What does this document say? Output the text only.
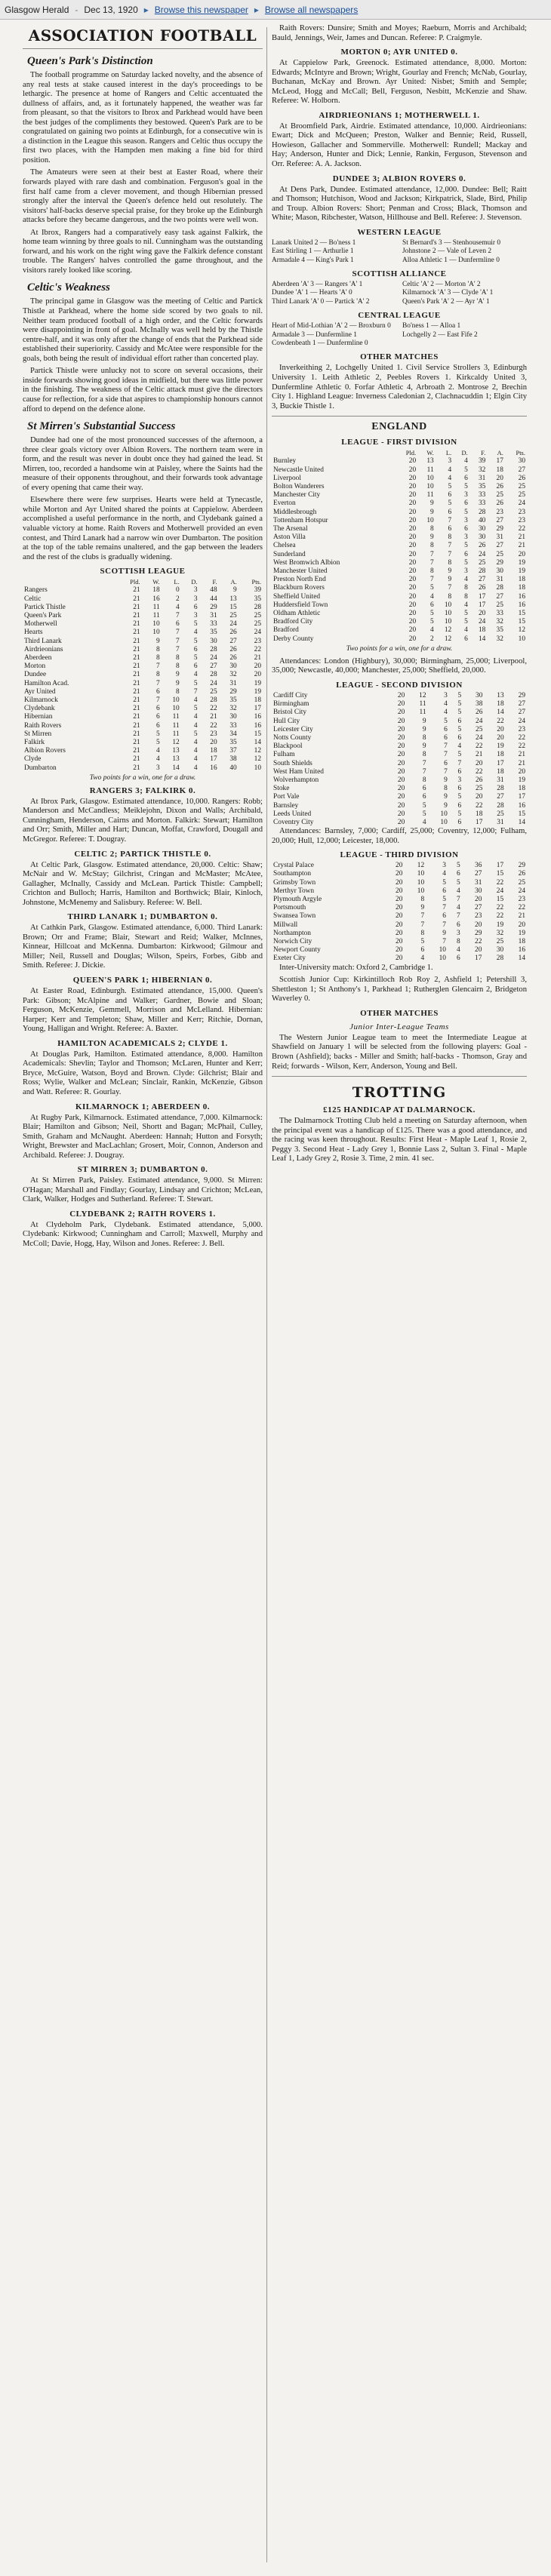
Glasgow Herald - Dec 13, 1920 ▸ Browse this newspaper ▸ Browse all newspapers
ASSOCIATION FOOTBALL
Queen's Park's Distinction

The football programme on Saturday lacked novelty, and the absence of any real tests at stake caused interest in the day's proceedings to be lethargic. The presence at home of Rangers and Celtic accentuated the dullness of affairs, and, as it fortunately happened, the weather was far from pleasant, so that the visitors to Ibrox and Parkhead would have been the best judges of the compliments they bestowed. Queen's Park are to be congratulated on gaining two points at Edinburgh, for a consecutive win is a distinction in the League this season. Rangers and Celtic thus occupy the first two places, with the Hampden men making a fine bid for third position.

The Amateurs were seen at their best at Easter Road, where their forwards played with rare dash and combination. Ferguson's goal in the first half came from a clever movement, and though Hibernian pressed strongly after the interval the Queen's defence held out resolutely. The visitors' half-backs deserve special praise, for they broke up the Edinburgh attacks before they became dangerous, and the two points were well won.

At Ibrox, Rangers had a comparatively easy task against Falkirk, the home team winning by three goals to nil. Cunningham was the outstanding forward, and his work on the right wing gave the Falkirk defence constant trouble. The Rangers' halves controlled the game throughout, and the visitors rarely looked like scoring.

Celtic's Weakness

The principal game in Glasgow was the meeting of Celtic and Partick Thistle at Parkhead, where the home side scored by two goals to nil. Neither team produced football of a high order, and the Celtic forwards were disappointing in front of goal. McInally was well held by the Thistle centre-half, and it was only after the change of ends that the Parkhead side established their superiority. Cassidy and McAtee were responsible for the goals, both being the result of individual effort rather than concerted play.

Partick Thistle were unlucky not to score on several occasions, their inside forwards showing good ideas in midfield, but there was little power in the finishing. The weakness of the Celtic attack must give the directors cause for reflection, for a side that aspires to championship honours cannot afford to depend on the defence alone.

St Mirren's Substantial Success

Dundee had one of the most pronounced successes of the afternoon, a three clear goals victory over Albion Rovers. The northern team were in form, and the result was never in doubt once they had gained the lead. St Mirren, too, recorded a handsome win at Paisley, where the Saints had the measure of their opponents throughout, and their forwards took advantage of every opening that came their way.

Elsewhere there were few surprises. Hearts were held at Tynecastle, while Morton and Ayr United shared the points at Cappielow. Aberdeen accomplished a useful performance in the north, and Clydebank gained a valuable victory at home. Raith Rovers and Motherwell provided an even contest, and Third Lanark had a narrow win over Dumbarton. The position at the top of the table remains unaltered, and the gap between the leaders and the rest of the clubs is gradually widening.

SCOTTISH LEAGUE
	Pld.	W.	L.	D.	F.	A.	Pts.
Rangers	21	18	0	3	48	9	39
Celtic	21	16	2	3	44	13	35
Partick Thistle	21	11	4	6	29	15	28
Queen's Park	21	11	7	3	31	25	25
Motherwell	21	10	6	5	33	24	25
Hearts	21	10	7	4	35	26	24
Third Lanark	21	9	7	5	30	27	23
Airdrieonians	21	8	7	6	28	26	22
Aberdeen	21	8	8	5	24	26	21
Morton	21	7	8	6	27	30	20
Dundee	21	8	9	4	28	32	20
Hamilton Acad.	21	7	9	5	24	31	19
Ayr United	21	6	8	7	25	29	19
Kilmarnock	21	7	10	4	28	35	18
Clydebank	21	6	10	5	22	32	17
Hibernian	21	6	11	4	21	30	16
Raith Rovers	21	6	11	4	22	33	16
St Mirren	21	5	11	5	23	34	15
Falkirk	21	5	12	4	20	35	14
Albion Rovers	21	4	13	4	18	37	12
Clyde	21	4	13	4	17	38	12
Dumbarton	21	3	14	4	16	40	10
Two points for a win, one for a draw.
RANGERS 3; FALKIRK 0.

At Ibrox Park, Glasgow. Estimated attendance, 10,000. Rangers: Robb; Manderson and McCandless; Meiklejohn, Dixon and Walls; Archibald, Cunningham, Henderson, Cairns and Morton. Falkirk: Stewart; Hamilton and Orr; Smith, Miller and Hart; Duncan, Moffat, Crawford, Dougall and McGregor. Referee: T. Dougray.

CELTIC 2; PARTICK THISTLE 0.

At Celtic Park, Glasgow. Estimated attendance, 20,000. Celtic: Shaw; McNair and W. McStay; Gilchrist, Cringan and McMaster; McAtee, Gallagher, McInally, Cassidy and McLean. Partick Thistle: Campbell; Crichton and Bulloch; Harris, Hamilton and Borthwick; Blair, Kinloch, Johnstone, McMenemy and Salisbury. Referee: W. Bell.

THIRD LANARK 1; DUMBARTON 0.

At Cathkin Park, Glasgow. Estimated attendance, 6,000. Third Lanark: Brown; Orr and Frame; Blair, Stewart and Reid; Walker, McInnes, Kinnear, Hillcoat and McKenna. Dumbarton: Kirkwood; Gilmour and Miller; Neil, Russell and Douglas; Wilson, Speirs, Forbes, Gibb and Smith. Referee: J. Dickie.

QUEEN'S PARK 1; HIBERNIAN 0.

At Easter Road, Edinburgh. Estimated attendance, 15,000. Queen's Park: Gibson; McAlpine and Walker; Gardner, Bowie and Sloan; Ferguson, McKenzie, Gemmell, Morrison and McLelland. Hibernian: Harper; Kerr and Templeton; Shaw, Miller and Kerr; Ritchie, Dornan, Young, Halligan and Wright. Referee: A. Baxter.

HAMILTON ACADEMICALS 2; CLYDE 1.

At Douglas Park, Hamilton. Estimated attendance, 8,000. Hamilton Academicals: Shevlin; Taylor and Thomson; McLaren, Hunter and Kerr; Bryce, McGuire, Watson, Boyd and Brown. Clyde: Gilchrist; Blair and Ross; Wylie, Walker and McLean; Sinclair, Rankin, McKenzie, Gibson and Watt. Referee: R. Gourlay.

KILMARNOCK 1; ABERDEEN 0.

At Rugby Park, Kilmarnock. Estimated attendance, 7,000. Kilmarnock: Blair; Hamilton and Gibson; Neil, Shortt and Bagan; McPhail, Culley, Smith, Graham and McNaught. Aberdeen: Hannah; Hutton and Forsyth; Wright, Brewster and MacLachlan; Grosert, Moir, Connon, Anderson and Archibald. Referee: J. Dougray.

ST MIRREN 3; DUMBARTON 0.

At St Mirren Park, Paisley. Estimated attendance, 9,000. St Mirren: O'Hagan; Marshall and Findlay; Gourlay, Lindsay and Crichton; McLean, Clark, Walker, Hodges and Sutherland. Referee: T. Stewart.

CLYDEBANK 2; RAITH ROVERS 1.

At Clydeholm Park, Clydebank. Estimated attendance, 5,000. Clydebank: Kirkwood; Cunningham and Carroll; Maxwell, Murphy and McColl; Davie, Hogg, Hay, Wilson and Jones. Referee: J. Bell.

Raith Rovers: Dunsire; Smith and Moyes; Raeburn, Morris and Archibald; Bauld, Jennings, Weir, James and Duncan. Referee: P. Craigmyle.

MORTON 0; AYR UNITED 0.

At Cappielow Park, Greenock. Estimated attendance, 8,000. Morton: Edwards; McIntyre and Brown; Wright, Gourlay and French; McNab, Gourlay, Buchanan, McKay and Brown. Ayr United: Nisbet; Smith and Semple; McLeod, Hogg and McCall; Bell, Ferguson, Nesbitt, McKenzie and Shaw. Referee: W. Holborn.

AIRDRIEONIANS 1; MOTHERWELL 1.

At Broomfield Park, Airdrie. Estimated attendance, 10,000. Airdrieonians: Ewart; Dick and McQueen; Preston, Walker and Bennie; Reid, Russell, Howieson, Gallacher and Sommerville. Motherwell: Rundell; Mackay and Hay; Anderson, Hunter and Dick; Lennie, Rankin, Ferguson, Stevenson and Orr. Referee: A. A. Jackson.

DUNDEE 3; ALBION ROVERS 0.

At Dens Park, Dundee. Estimated attendance, 12,000. Dundee: Bell; Raitt and Thomson; Hutchison, Wood and Jackson; Kirkpatrick, Slade, Bird, Philip and Troup. Albion Rovers: Short; Penman and Cross; Black, Thomson and White; Mason, Ribchester, Watson, Hillhouse and Bell. Referee: J. Stevenson.

WESTERN LEAGUE
Lanark United 2 — Bo'ness 1	St Bernard's 3 — Stenhousemuir 0
East Stirling 1 — Arthurlie 1	Johnstone 2 — Vale of Leven 2
Armadale 4 — King's Park 1	Alloa Athletic 1 — Dunfermline 0
SCOTTISH ALLIANCE
Aberdeen 'A' 3 — Rangers 'A' 1	Celtic 'A' 2 — Morton 'A' 2
Dundee 'A' 1 — Hearts 'A' 0	Kilmarnock 'A' 3 — Clyde 'A' 1
Third Lanark 'A' 0 — Partick 'A' 2	Queen's Park 'A' 2 — Ayr 'A' 1
CENTRAL LEAGUE
Heart of Mid-Lothian 'A' 2 — Broxburn 0	Bo'ness 1 — Alloa 1
Armadale 3 — Dunfermline 1	Lochgelly 2 — East Fife 2
Cowdenbeath 1 — Dunfermline 0
OTHER MATCHES

Inverkeithing 2, Lochgelly United 1. Civil Service Strollers 3, Edinburgh University 1. Leith Athletic 2, Peebles Rovers 1. Kirkcaldy United 3, Dunfermline Athletic 0. Forfar Athletic 4, Arbroath 2. Montrose 2, Brechin City 1. Highland League: Inverness Caledonian 2, Clachnacuddin 1; Elgin City 3, Buckie Thistle 1.

ENGLAND
LEAGUE - FIRST DIVISION
	Pld.	W.	L.	D.	F.	A.	Pts.
Burnley	20	13	3	4	39	17	30
Newcastle United	20	11	4	5	32	18	27
Liverpool	20	10	4	6	31	20	26
Bolton Wanderers	20	10	5	5	35	26	25
Manchester City	20	11	6	3	33	25	25
Everton	20	9	5	6	33	26	24
Middlesbrough	20	9	6	5	28	23	23
Tottenham Hotspur	20	10	7	3	40	27	23
The Arsenal	20	8	6	6	30	29	22
Aston Villa	20	9	8	3	30	31	21
Chelsea	20	8	7	5	26	27	21
Sunderland	20	7	7	6	24	25	20
West Bromwich Albion	20	7	8	5	25	29	19
Manchester United	20	8	9	3	28	30	19
Preston North End	20	7	9	4	27	31	18
Blackburn Rovers	20	5	7	8	26	28	18
Sheffield United	20	4	8	8	17	27	16
Huddersfield Town	20	6	10	4	17	25	16
Oldham Athletic	20	5	10	5	20	33	15
Bradford City	20	5	10	5	24	32	15
Bradford	20	4	12	4	18	35	12
Derby County	20	2	12	6	14	32	10
Two points for a win, one for a draw.

Attendances: London (Highbury), 30,000; Birmingham, 25,000; Liverpool, 35,000; Newcastle, 40,000; Manchester, 25,000; Sheffield, 20,000.

LEAGUE - SECOND DIVISION
Cardiff City	20	12	3	5	30	13	29
Birmingham	20	11	4	5	38	18	27
Bristol City	20	11	4	5	26	14	27
Hull City	20	9	5	6	24	22	24
Leicester City	20	9	6	5	25	20	23
Notts County	20	8	6	6	24	20	22
Blackpool	20	9	7	4	22	19	22
Fulham	20	8	7	5	21	18	21
South Shields	20	7	6	7	20	17	21
West Ham United	20	7	7	6	22	18	20
Wolverhampton	20	8	9	3	26	31	19
Stoke	20	6	8	6	25	28	18
Port Vale	20	6	9	5	20	27	17
Barnsley	20	5	9	6	22	28	16
Leeds United	20	5	10	5	18	25	15
Coventry City	20	4	10	6	17	31	14

Attendances: Barnsley, 7,000; Cardiff, 25,000; Coventry, 12,000; Fulham, 20,000; Hull, 12,000; Leicester, 18,000.

LEAGUE - THIRD DIVISION
Crystal Palace	20	12	3	5	36	17	29
Southampton	20	10	4	6	27	15	26
Grimsby Town	20	10	5	5	31	22	25
Merthyr Town	20	10	6	4	30	24	24
Plymouth Argyle	20	8	5	7	20	15	23
Portsmouth	20	9	7	4	27	22	22
Swansea Town	20	7	6	7	23	22	21
Millwall	20	7	7	6	20	19	20
Northampton	20	8	9	3	29	32	19
Norwich City	20	5	7	8	22	25	18
Newport County	20	6	10	4	20	30	16
Exeter City	20	4	10	6	17	28	14

Inter-University match: Oxford 2, Cambridge 1.

Scottish Junior Cup: Kirkintilloch Rob Roy 2, Ashfield 1; Petershill 3, Shettleston 1; St Anthony's 1, Parkhead 1; Rutherglen Glencairn 2, Bridgeton Waverley 0.

OTHER MATCHES
Junior Inter-League Teams

The Western Junior League team to meet the Intermediate League at Shawfield on January 1 will be selected from the following players: Goal - Brown (Ashfield); backs - Miller and Smith; half-backs - Thomson, Gray and Reid; forwards - Wilson, Kerr, Anderson, Young and Bell.

TROTTING
£125 HANDICAP AT DALMARNOCK.

The Dalmarnock Trotting Club held a meeting on Saturday afternoon, when the principal event was a handicap of £125. There was a good attendance, and the racing was keen throughout. Results: First Heat - Maple Leaf 1, Rosie 2, Peggy 3. Second Heat - Lady Grey 1, Bonnie Lass 2, Sultan 3. Final - Maple Leaf 1, Lady Grey 2, Rosie 3. Time, 2 min. 41 sec.
